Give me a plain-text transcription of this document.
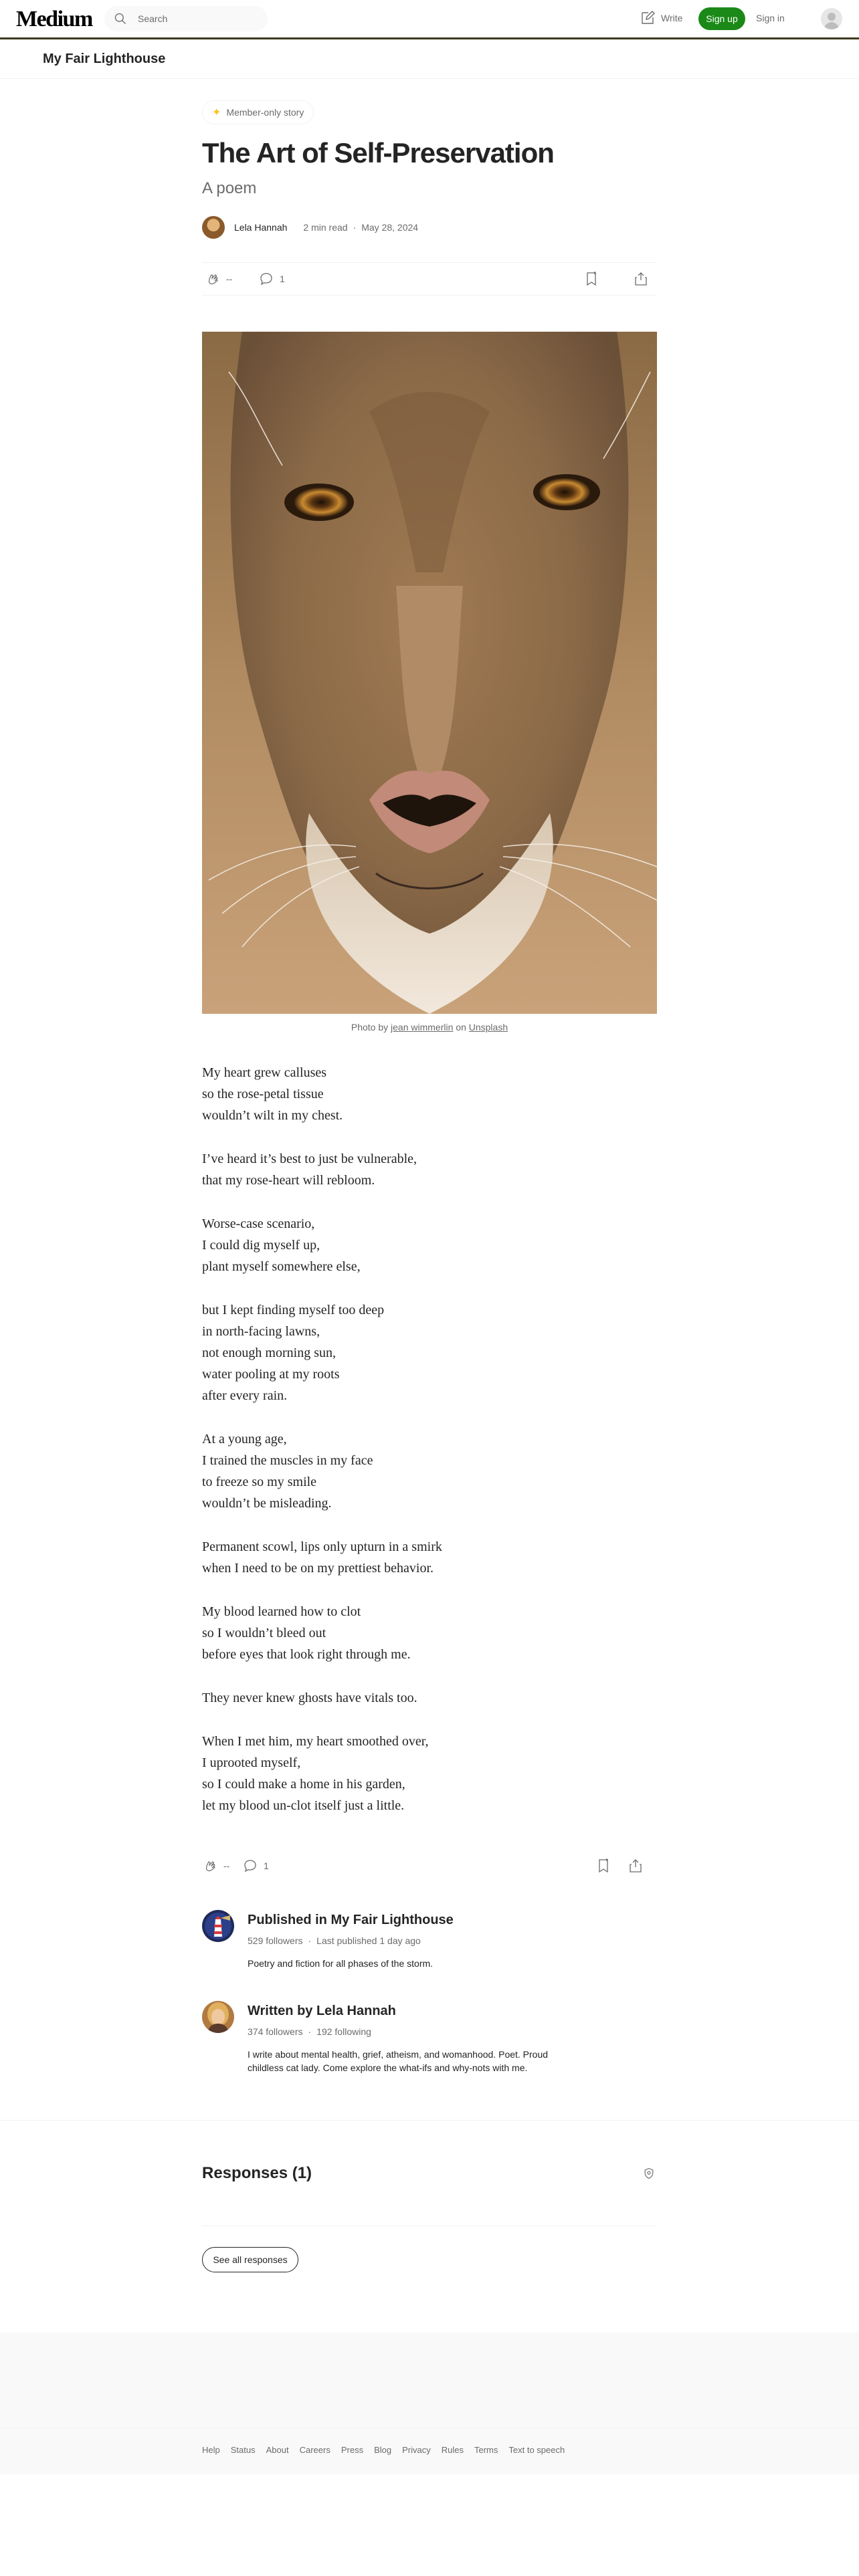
Medium	Search	Write	Sign up	Sign in
My Fair Lighthouse
✦ Member-only story
The Art of Self-Preservation
A poem
Lela Hannah 2 min read · May 28, 2024
--	1
Photo by jean wimmerlin on Unsplash

My heart grew calluses
so the rose-petal tissue
wouldn’t wilt in my chest.

I’ve heard it’s best to just be vulnerable,
that my rose-heart will rebloom.

Worse-case scenario,
I could dig myself up,
plant myself somewhere else,

but I kept finding myself too deep
in north-facing lawns,
not enough morning sun,
water pooling at my roots
after every rain.

At a young age,
I trained the muscles in my face
to freeze so my smile
wouldn’t be misleading.

Permanent scowl, lips only upturn in a smirk
when I need to be on my prettiest behavior.

My blood learned how to clot
so I wouldn’t bleed out
before eyes that look right through me.

They never knew ghosts have vitals too.

When I met him, my heart smoothed over,
I uprooted myself,
so I could make a home in his garden,
let my blood un-clot itself just a little.

--	1
Published in My Fair Lighthouse
529 followers · Last published 1 day ago
Poetry and fiction for all phases of the storm.
Written by Lela Hannah
374 followers · 192 following
I write about mental health, grief, atheism, and womanhood. Poet. Proud childless cat lady. Come explore the what-ifs and why-nots with me.
Responses (1)
See all responses
Help Status About Careers Press Blog Privacy Rules Terms Text to speech
